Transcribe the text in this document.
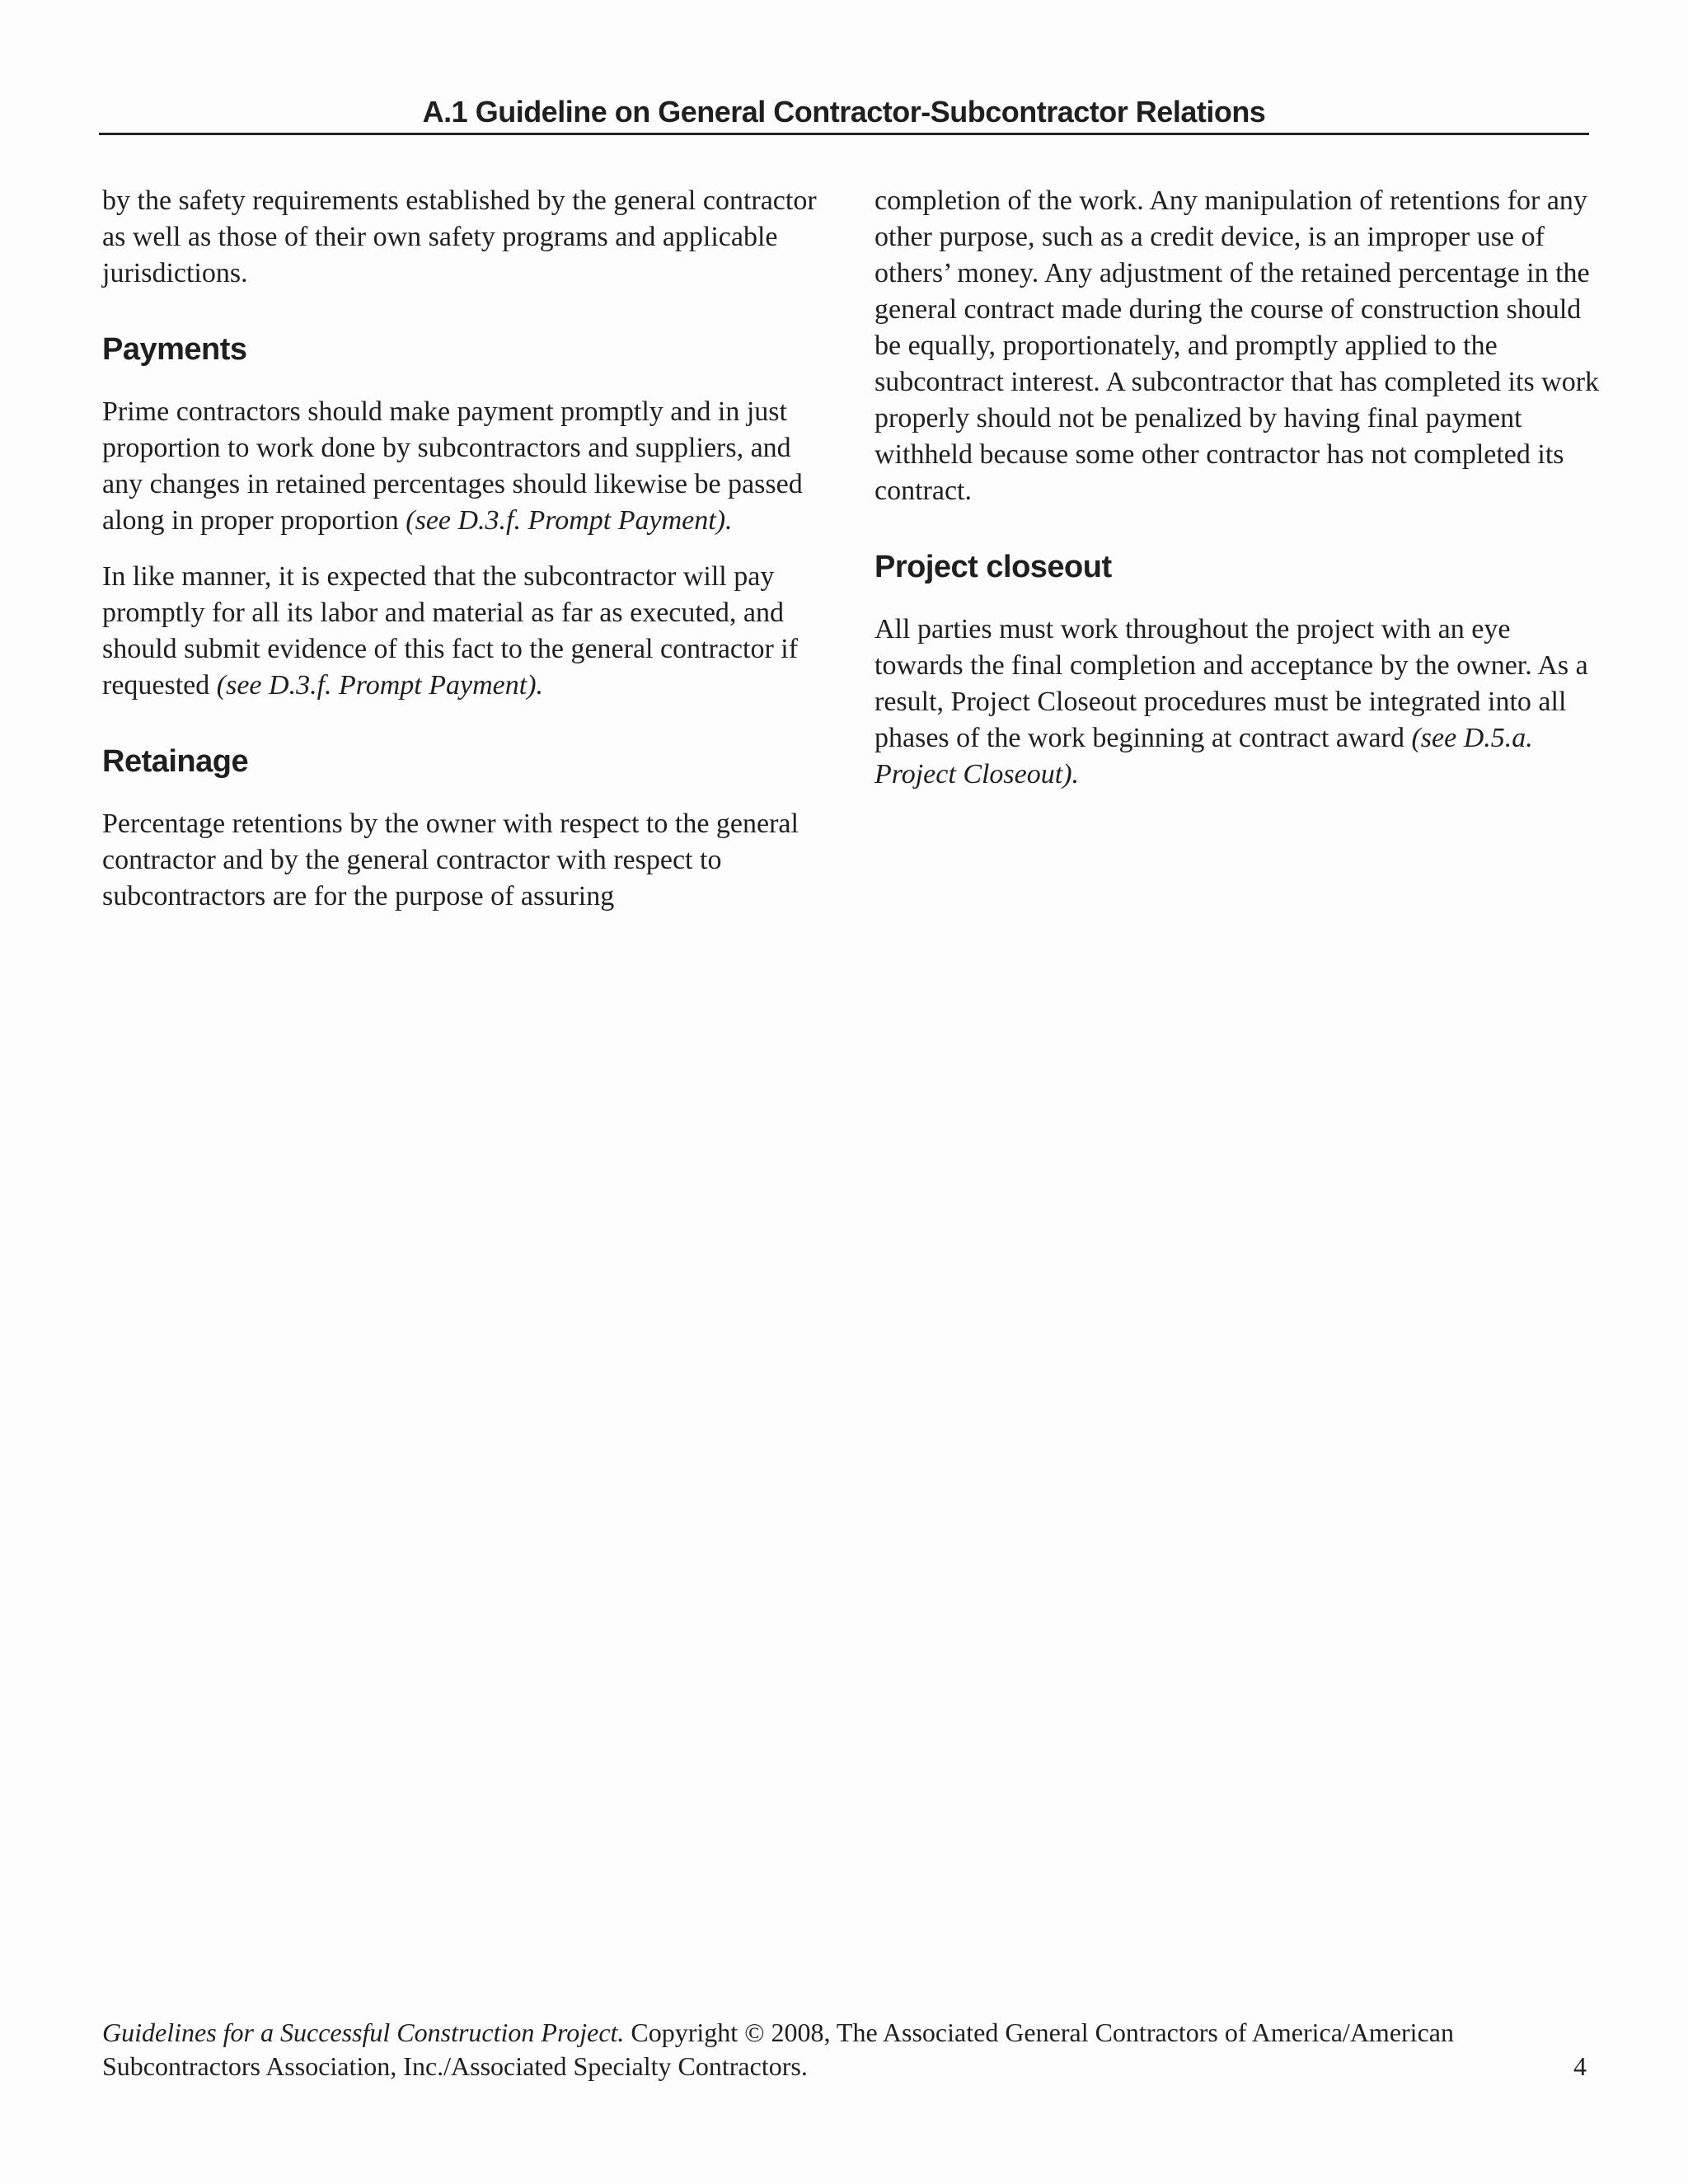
A.1 Guideline on General Contractor-Subcontractor Relations

by the safety requirements established by the general contractor as well as those of their own safety programs and applicable jurisdictions.

Payments

Prime contractors should make payment promptly and in just proportion to work done by subcontractors and suppliers, and any changes in retained percentages should likewise be passed along in proper proportion (see D.3.f. Prompt Payment).

In like manner, it is expected that the subcontractor will pay promptly for all its labor and material as far as executed, and should submit evidence of this fact to the general contractor if requested (see D.3.f. Prompt Payment).

Retainage

Percentage retentions by the owner with respect to the general contractor and by the general contractor with respect to subcontractors are for the purpose of assuring

completion of the work. Any manipulation of retentions for any other purpose, such as a credit device, is an improper use of others’ money. Any adjustment of the retained percentage in the general contract made during the course of construction should be equally, proportionately, and promptly applied to the subcontract interest. A subcontractor that has completed its work properly should not be penalized by having final payment withheld because some other contractor has not completed its contract.

Project closeout

All parties must work throughout the project with an eye towards the final completion and acceptance by the owner. As a result, Project Closeout procedures must be integrated into all phases of the work beginning at contract award (see D.5.a. Project Closeout).

Guidelines for a Successful Construction Project. Copyright © 2008, The Associated General Contractors of America/American Subcontractors Association, Inc./Associated Specialty Contractors.	4
